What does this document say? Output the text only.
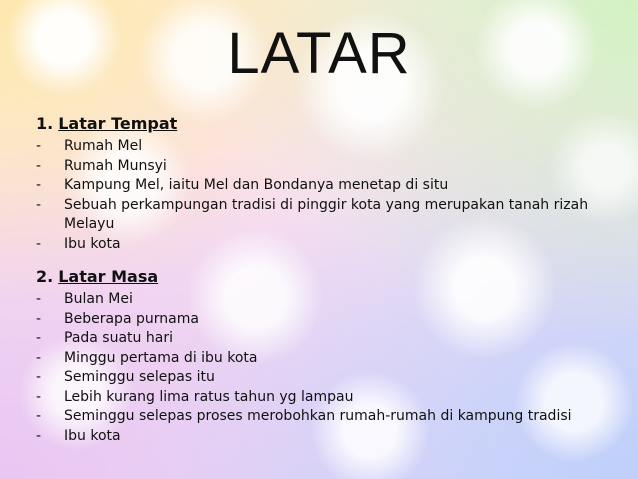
LATAR
1. Latar Tempat
-	Rumah Mel
-	Rumah Munsyi
-	Kampung Mel, iaitu Mel dan Bondanya menetap di situ
-	Sebuah perkampungan tradisi di pinggir kota yang merupakan tanah rizah Melayu
-	Ibu kota
2. Latar Masa
-	Bulan Mei
-	Beberapa purnama
-	Pada suatu hari
-	Minggu pertama di ibu kota
-	Seminggu selepas itu
-	Lebih kurang lima ratus tahun yg lampau
-	Seminggu selepas proses merobohkan rumah-rumah di kampung tradisi
-	Ibu kota
